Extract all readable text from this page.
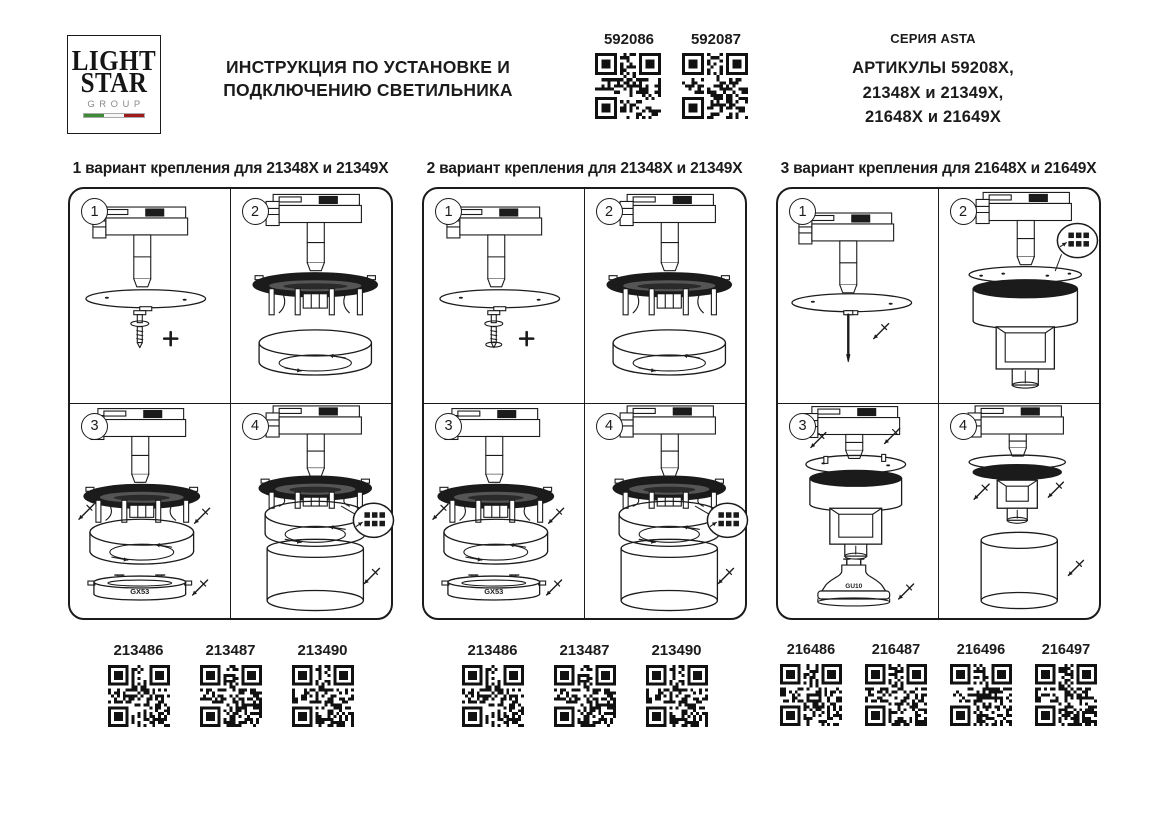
LIGHT
STAR
GROUP
ИНСТРУКЦИЯ ПО УСТАНОВКЕ И
ПОДКЛЮЧЕНИЮ СВЕТИЛЬНИКА
592086	592087	СЕРИЯ ASTA
АРТИКУЛЫ 59208X,
21348X и 21349X,
21648X и 21649X
1 вариант крепления для 21348X и 21349X
1	2
3
GX53
4
213486	213487	213490
2 вариант крепления для 21348X и 21349X
1	2
3
GX53
4
213486	213487	213490
3 вариант крепления для 21648X и 21649X
1	2
3
GU10
4
216486	216487	216496	216497
